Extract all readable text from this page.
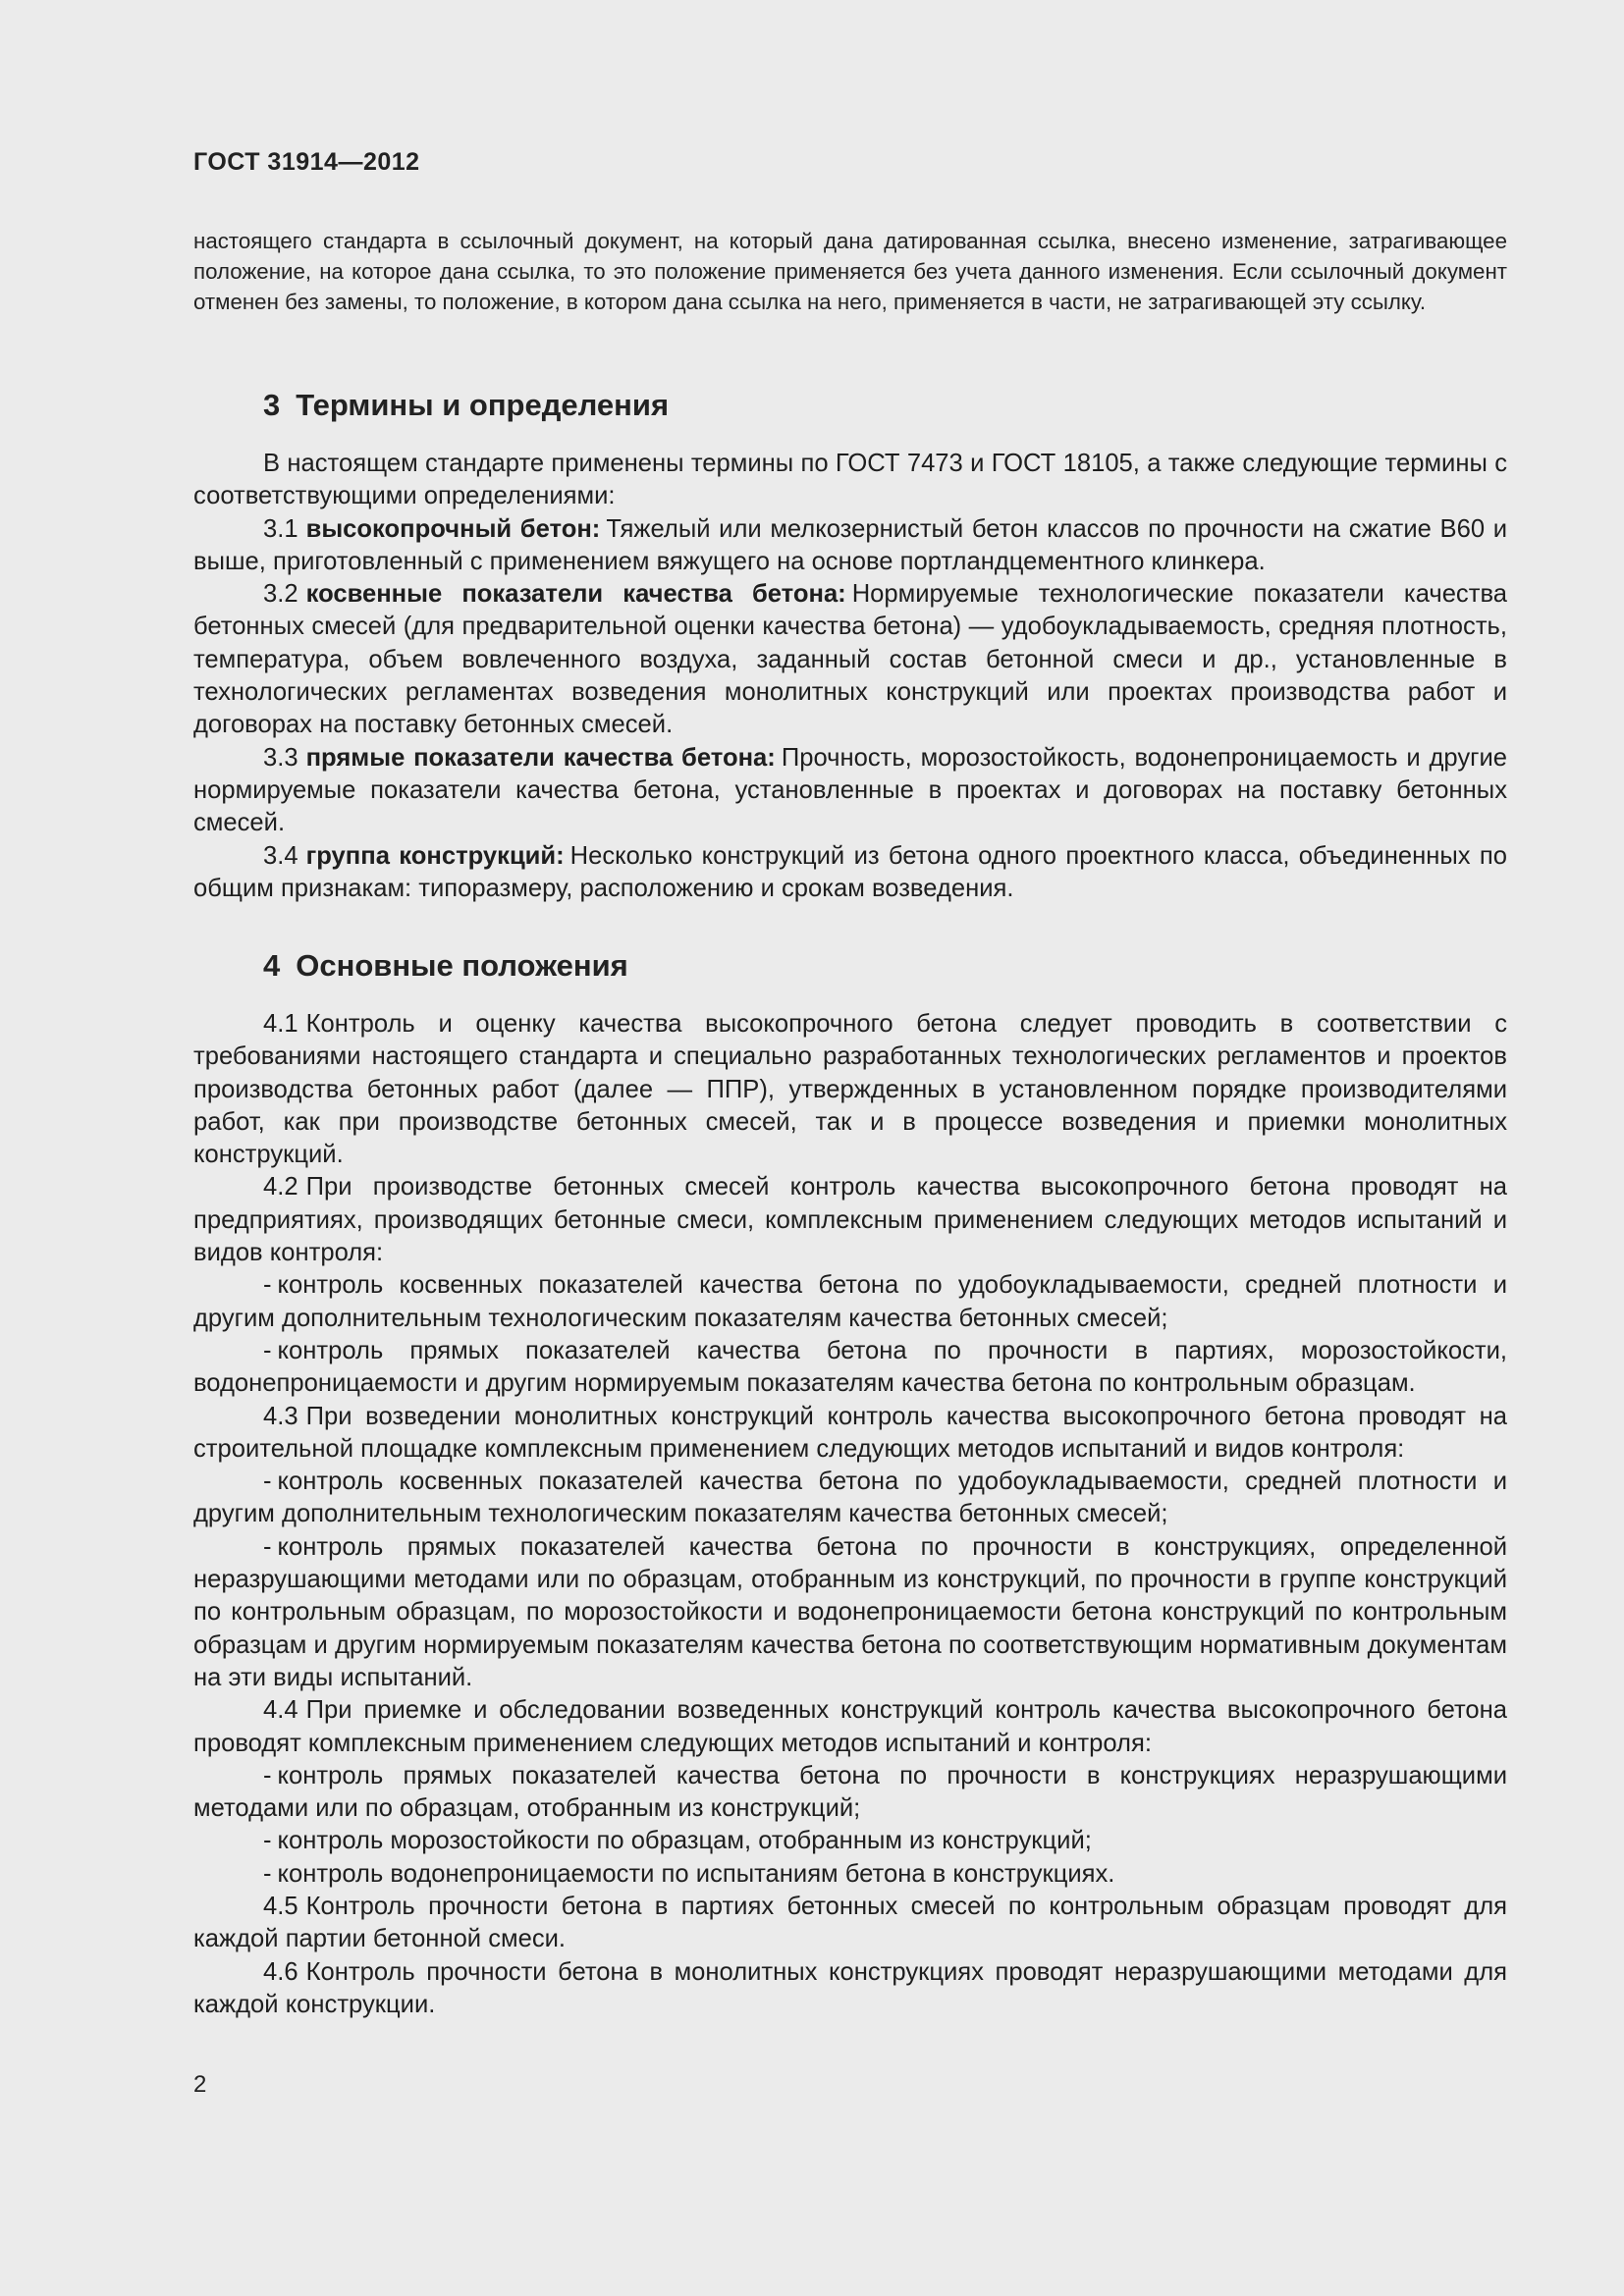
ГОСТ 31914—2012
настоящего стандарта в ссылочный документ, на который дана датированная ссылка, внесено изменение, затрагивающее положение, на которое дана ссылка, то это положение применяется без учета данного изменения. Если ссылочный документ отменен без замены, то положение, в котором дана ссылка на него, применяется в части, не затрагивающей эту ссылку.
3 Термины и определения

В настоящем стандарте применены термины по ГОСТ 7473 и ГОСТ 18105, а также следующие термины с соответствующими определениями:

3.1 высокопрочный бетон: Тяжелый или мелкозернистый бетон классов по прочности на сжатие В60 и выше, приготовленный с применением вяжущего на основе портландцементного клинкера.

3.2 косвенные показатели качества бетона: Нормируемые технологические показатели качества бетонных смесей (для предварительной оценки качества бетона) — удобоукладываемость, средняя плотность, температура, объем вовлеченного воздуха, заданный состав бетонной смеси и др., установленные в технологических регламентах возведения монолитных конструкций или проектах производства работ и договорах на поставку бетонных смесей.

3.3 прямые показатели качества бетона: Прочность, морозостойкость, водонепроницаемость и другие нормируемые показатели качества бетона, установленные в проектах и договорах на поставку бетонных смесей.

3.4 группа конструкций: Несколько конструкций из бетона одного проектного класса, объединенных по общим признакам: типоразмеру, расположению и срокам возведения.

4 Основные положения

4.1 Контроль и оценку качества высокопрочного бетона следует проводить в соответствии с требованиями настоящего стандарта и специально разработанных технологических регламентов и проектов производства бетонных работ (далее — ППР), утвержденных в установленном порядке производителями работ, как при производстве бетонных смесей, так и в процессе возведения и приемки монолитных конструкций.

4.2 При производстве бетонных смесей контроль качества высокопрочного бетона проводят на предприятиях, производящих бетонные смеси, комплексным применением следующих методов испытаний и видов контроля:

- контроль косвенных показателей качества бетона по удобоукладываемости, средней плотности и другим дополнительным технологическим показателям качества бетонных смесей;

- контроль прямых показателей качества бетона по прочности в партиях, морозостойкости, водонепроницаемости и другим нормируемым показателям качества бетона по контрольным образцам.

4.3 При возведении монолитных конструкций контроль качества высокопрочного бетона проводят на строительной площадке комплексным применением следующих методов испытаний и видов контроля:

- контроль косвенных показателей качества бетона по удобоукладываемости, средней плотности и другим дополнительным технологическим показателям качества бетонных смесей;

- контроль прямых показателей качества бетона по прочности в конструкциях, определенной неразрушающими методами или по образцам, отобранным из конструкций, по прочности в группе конструкций по контрольным образцам, по морозостойкости и водонепроницаемости бетона конструкций по контрольным образцам и другим нормируемым показателям качества бетона по соответствующим нормативным документам на эти виды испытаний.

4.4 При приемке и обследовании возведенных конструкций контроль качества высокопрочного бетона проводят комплексным применением следующих методов испытаний и контроля:

- контроль прямых показателей качества бетона по прочности в конструкциях неразрушающими методами или по образцам, отобранным из конструкций;

- контроль морозостойкости по образцам, отобранным из конструкций;

- контроль водонепроницаемости по испытаниям бетона в конструкциях.

4.5 Контроль прочности бетона в партиях бетонных смесей по контрольным образцам проводят для каждой партии бетонной смеси.

4.6 Контроль прочности бетона в монолитных конструкциях проводят неразрушающими методами для каждой конструкции.

2
